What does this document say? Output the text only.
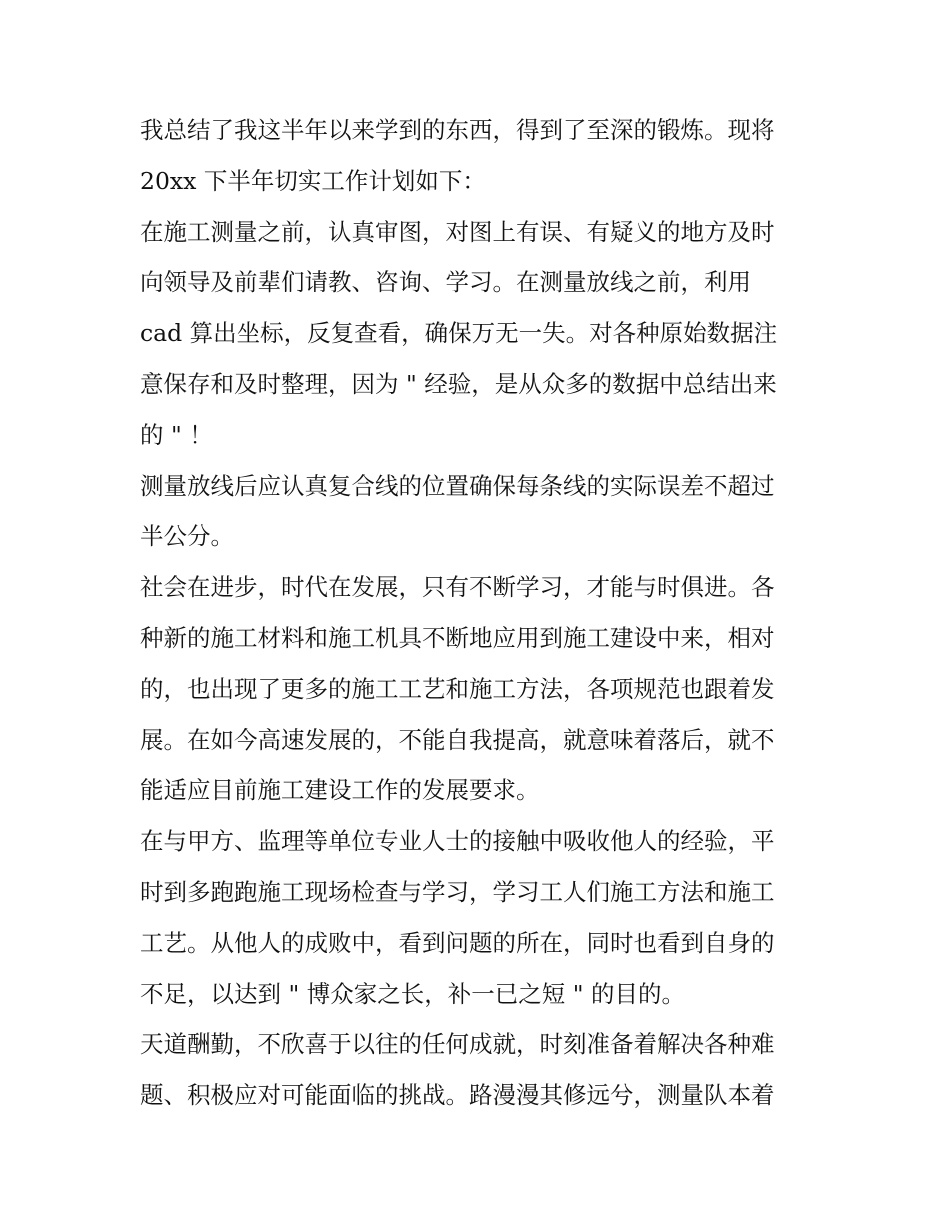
我总结了我这半年以来学到的东西，得到了至深的锻炼。现将
20xx 下半年切实工作计划如下：

在施工测量之前，认真审图，对图上有误、有疑义的地方及时
向领导及前辈们请教、咨询、学习。在测量放线之前，利用
cad 算出坐标，反复查看，确保万无一失。对各种原始数据注
意保存和及时整理，因为 " 经验，是从众多的数据中总结出来
的 " ！

测量放线后应认真复合线的位置确保每条线的实际误差不超过
半公分。

社会在进步，时代在发展，只有不断学习，才能与时俱进。各
种新的施工材料和施工机具不断地应用到施工建设中来，相对
的，也出现了更多的施工工艺和施工方法，各项规范也跟着发
展。在如今高速发展的，不能自我提高，就意味着落后，就不
能适应目前施工建设工作的发展要求。

在与甲方、监理等单位专业人士的接触中吸收他人的经验，平
时到多跑跑施工现场检查与学习，学习工人们施工方法和施工
工艺。从他人的成败中，看到问题的所在，同时也看到自身的
不足，以达到 " 博众家之长，补一已之短 " 的目的。

天道酬勤，不欣喜于以往的任何成就，时刻准备着解决各种难
题、积极应对可能面临的挑战。路漫漫其修远兮，测量队本着
